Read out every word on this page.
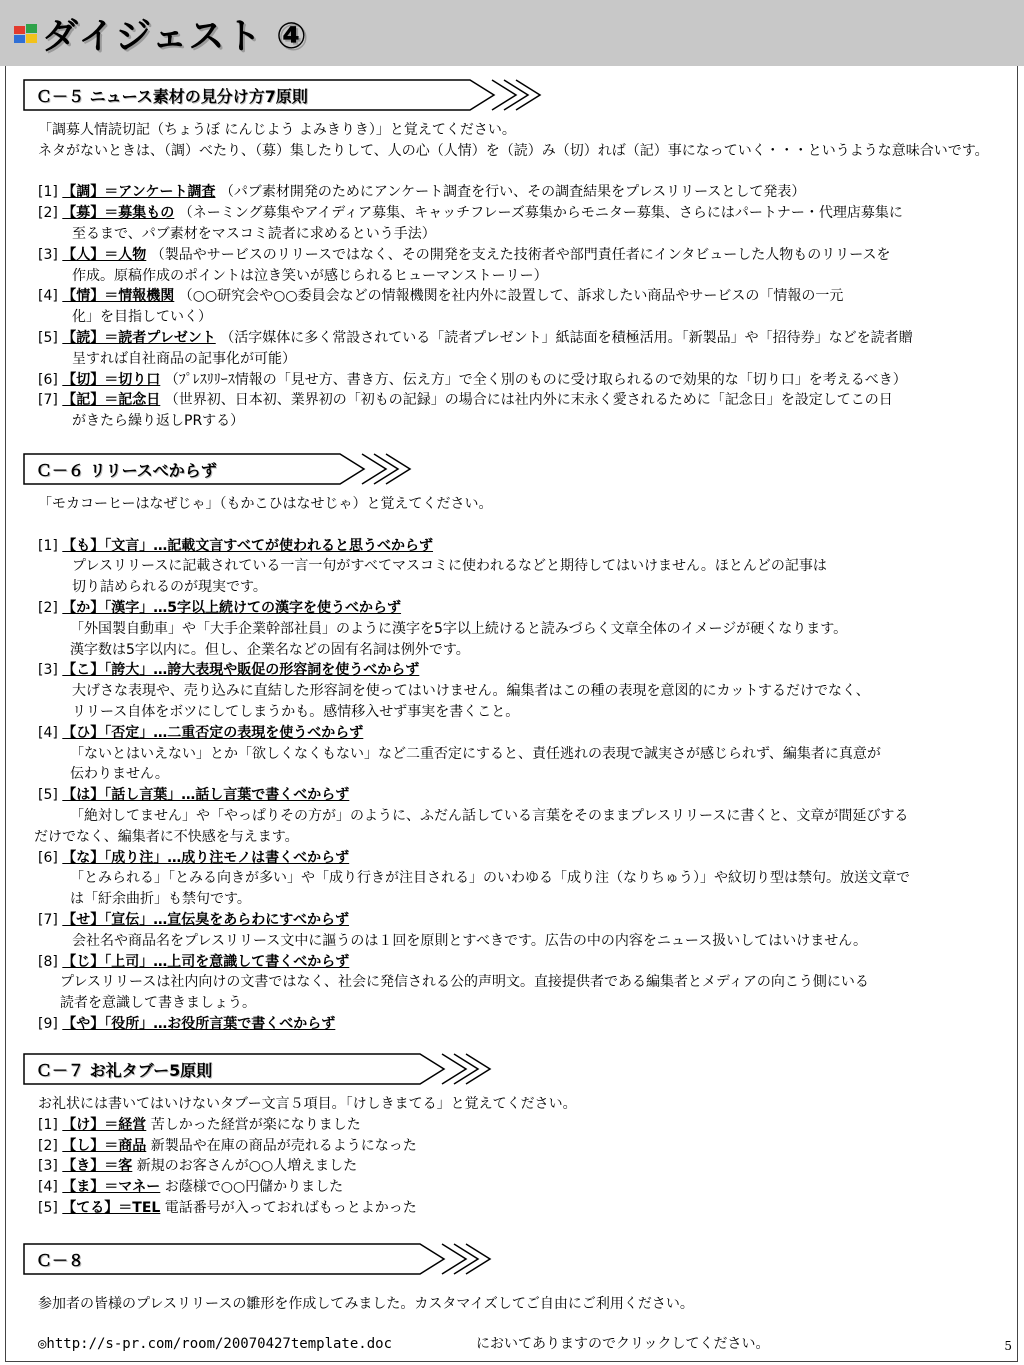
ダイジェスト ④
Ｃ－５ ニュース素材の見分け方7原則

「調募人情読切記（ちょうぼ にんじよう よみきりき）」と覚えてください。

ネタがないときは、（調）べたり、（募）集したりして、人の心（人情）を（読）み（切）れば（記）事になっていく・・・というような意味合いです。

[1] 【調】＝アンケート調査 （パブ素材開発のためにアンケート調査を行い、その調査結果をプレスリリースとして発表）
[2] 【募】＝募集もの （ネーミング募集やアイディア募集、キャッチフレーズ募集からモニター募集、さらにはパートナー・代理店募集に
至るまで、パブ素材をマスコミ読者に求めるという手法）
[3] 【人】＝人物 （製品やサービスのリリースではなく、その開発を支えた技術者や部門責任者にインタビューした人物ものリリースを
作成。原稿作成のポイントは泣き笑いが感じられるヒューマンストーリー）
[4] 【情】＝情報機関 （○○研究会や○○委員会などの情報機関を社内外に設置して、訴求したい商品やサービスの「情報の一元
化」を目指していく）
[5] 【読】＝読者プレゼント （活字媒体に多く常設されている「読者プレゼント」紙誌面を積極活用。「新製品」や「招待券」などを読者贈
呈すれば自社商品の記事化が可能）
[6] 【切】＝切り口 （ﾌﾟﾚｽﾘﾘｰｽ情報の「見せ方、書き方、伝え方」で全く別のものに受け取られるので効果的な「切り口」を考えるべき）
[7] 【記】＝記念日 （世界初、日本初、業界初の「初もの記録」の場合には社内外に末永く愛されるために「記念日」を設定してこの日
がきたら繰り返しPRする）
Ｃ－６ リリースべからず

「モカコーヒーはなぜじゃ」（もかこひはなせじゃ）と覚えてください。

[1] 【も】「文言」…記載文言すべてが使われると思うべからず
プレスリリースに記載されている一言一句がすべてマスコミに使われるなどと期待してはいけません。ほとんどの記事は
切り詰められるのが現実です。
[2] 【か】「漢字」…5字以上続けての漢字を使うべからず
「外国製自動車」や「大手企業幹部社員」のように漢字を5字以上続けると読みづらく文章全体のイメージが硬くなります。
漢字数は5字以内に。但し、企業名などの固有名詞は例外です。
[3] 【こ】「誇大」…誇大表現や販促の形容詞を使うべからず
大げさな表現や、売り込みに直結した形容詞を使ってはいけません。編集者はこの種の表現を意図的にカットするだけでなく、
リリース自体をボツにしてしまうかも。感情移入せず事実を書くこと。
[4] 【ひ】「否定」…二重否定の表現を使うべからず
「ないとはいえない」とか「欲しくなくもない」など二重否定にすると、責任逃れの表現で誠実さが感じられず、編集者に真意が
伝わりません。
[5] 【は】「話し言葉」…話し言葉で書くべからず
「絶対してません」や「やっぱりその方が」のように、ふだん話している言葉をそのままプレスリリースに書くと、文章が間延びする
だけでなく、編集者に不快感を与えます。
[6] 【な】「成り注」…成り注モノは書くべからず
「とみられる」「とみる向きが多い」や「成り行きが注目される」のいわゆる「成り注（なりちゅう）」や紋切り型は禁句。放送文章で
は「紆余曲折」も禁句です。
[7] 【せ】「宣伝」…宣伝臭をあらわにすべからず
会社名や商品名をプレスリリース文中に謳うのは１回を原則とすべきです。広告の中の内容をニュース扱いしてはいけません。
[8] 【じ】「上司」…上司を意識して書くべからず
プレスリリースは社内向けの文書ではなく、社会に発信される公的声明文。直接提供者である編集者とメディアの向こう側にいる
読者を意識して書きましょう。
[9] 【や】「役所」…お役所言葉で書くべからず
Ｃ－７ お礼タブー5原則

お礼状には書いてはいけないタブー文言５項目。「けしきまてる」と覚えてください。

[1] 【け】＝経営 苦しかった経営が楽になりました
[2] 【し】＝商品 新製品や在庫の商品が売れるようになった
[3] 【き】＝客 新規のお客さんが○○人増えました
[4] 【ま】＝マネー お蔭様で○○円儲かりました
[5] 【てる】＝TEL 電話番号が入っておればもっとよかった
Ｃ－８

参加者の皆様のプレスリリースの雛形を作成してみました。カスタマイズしてご自由にご利用ください。

◎http://s-pr.com/room/20070427template.doc	においてありますのでクリックしてください。	5
